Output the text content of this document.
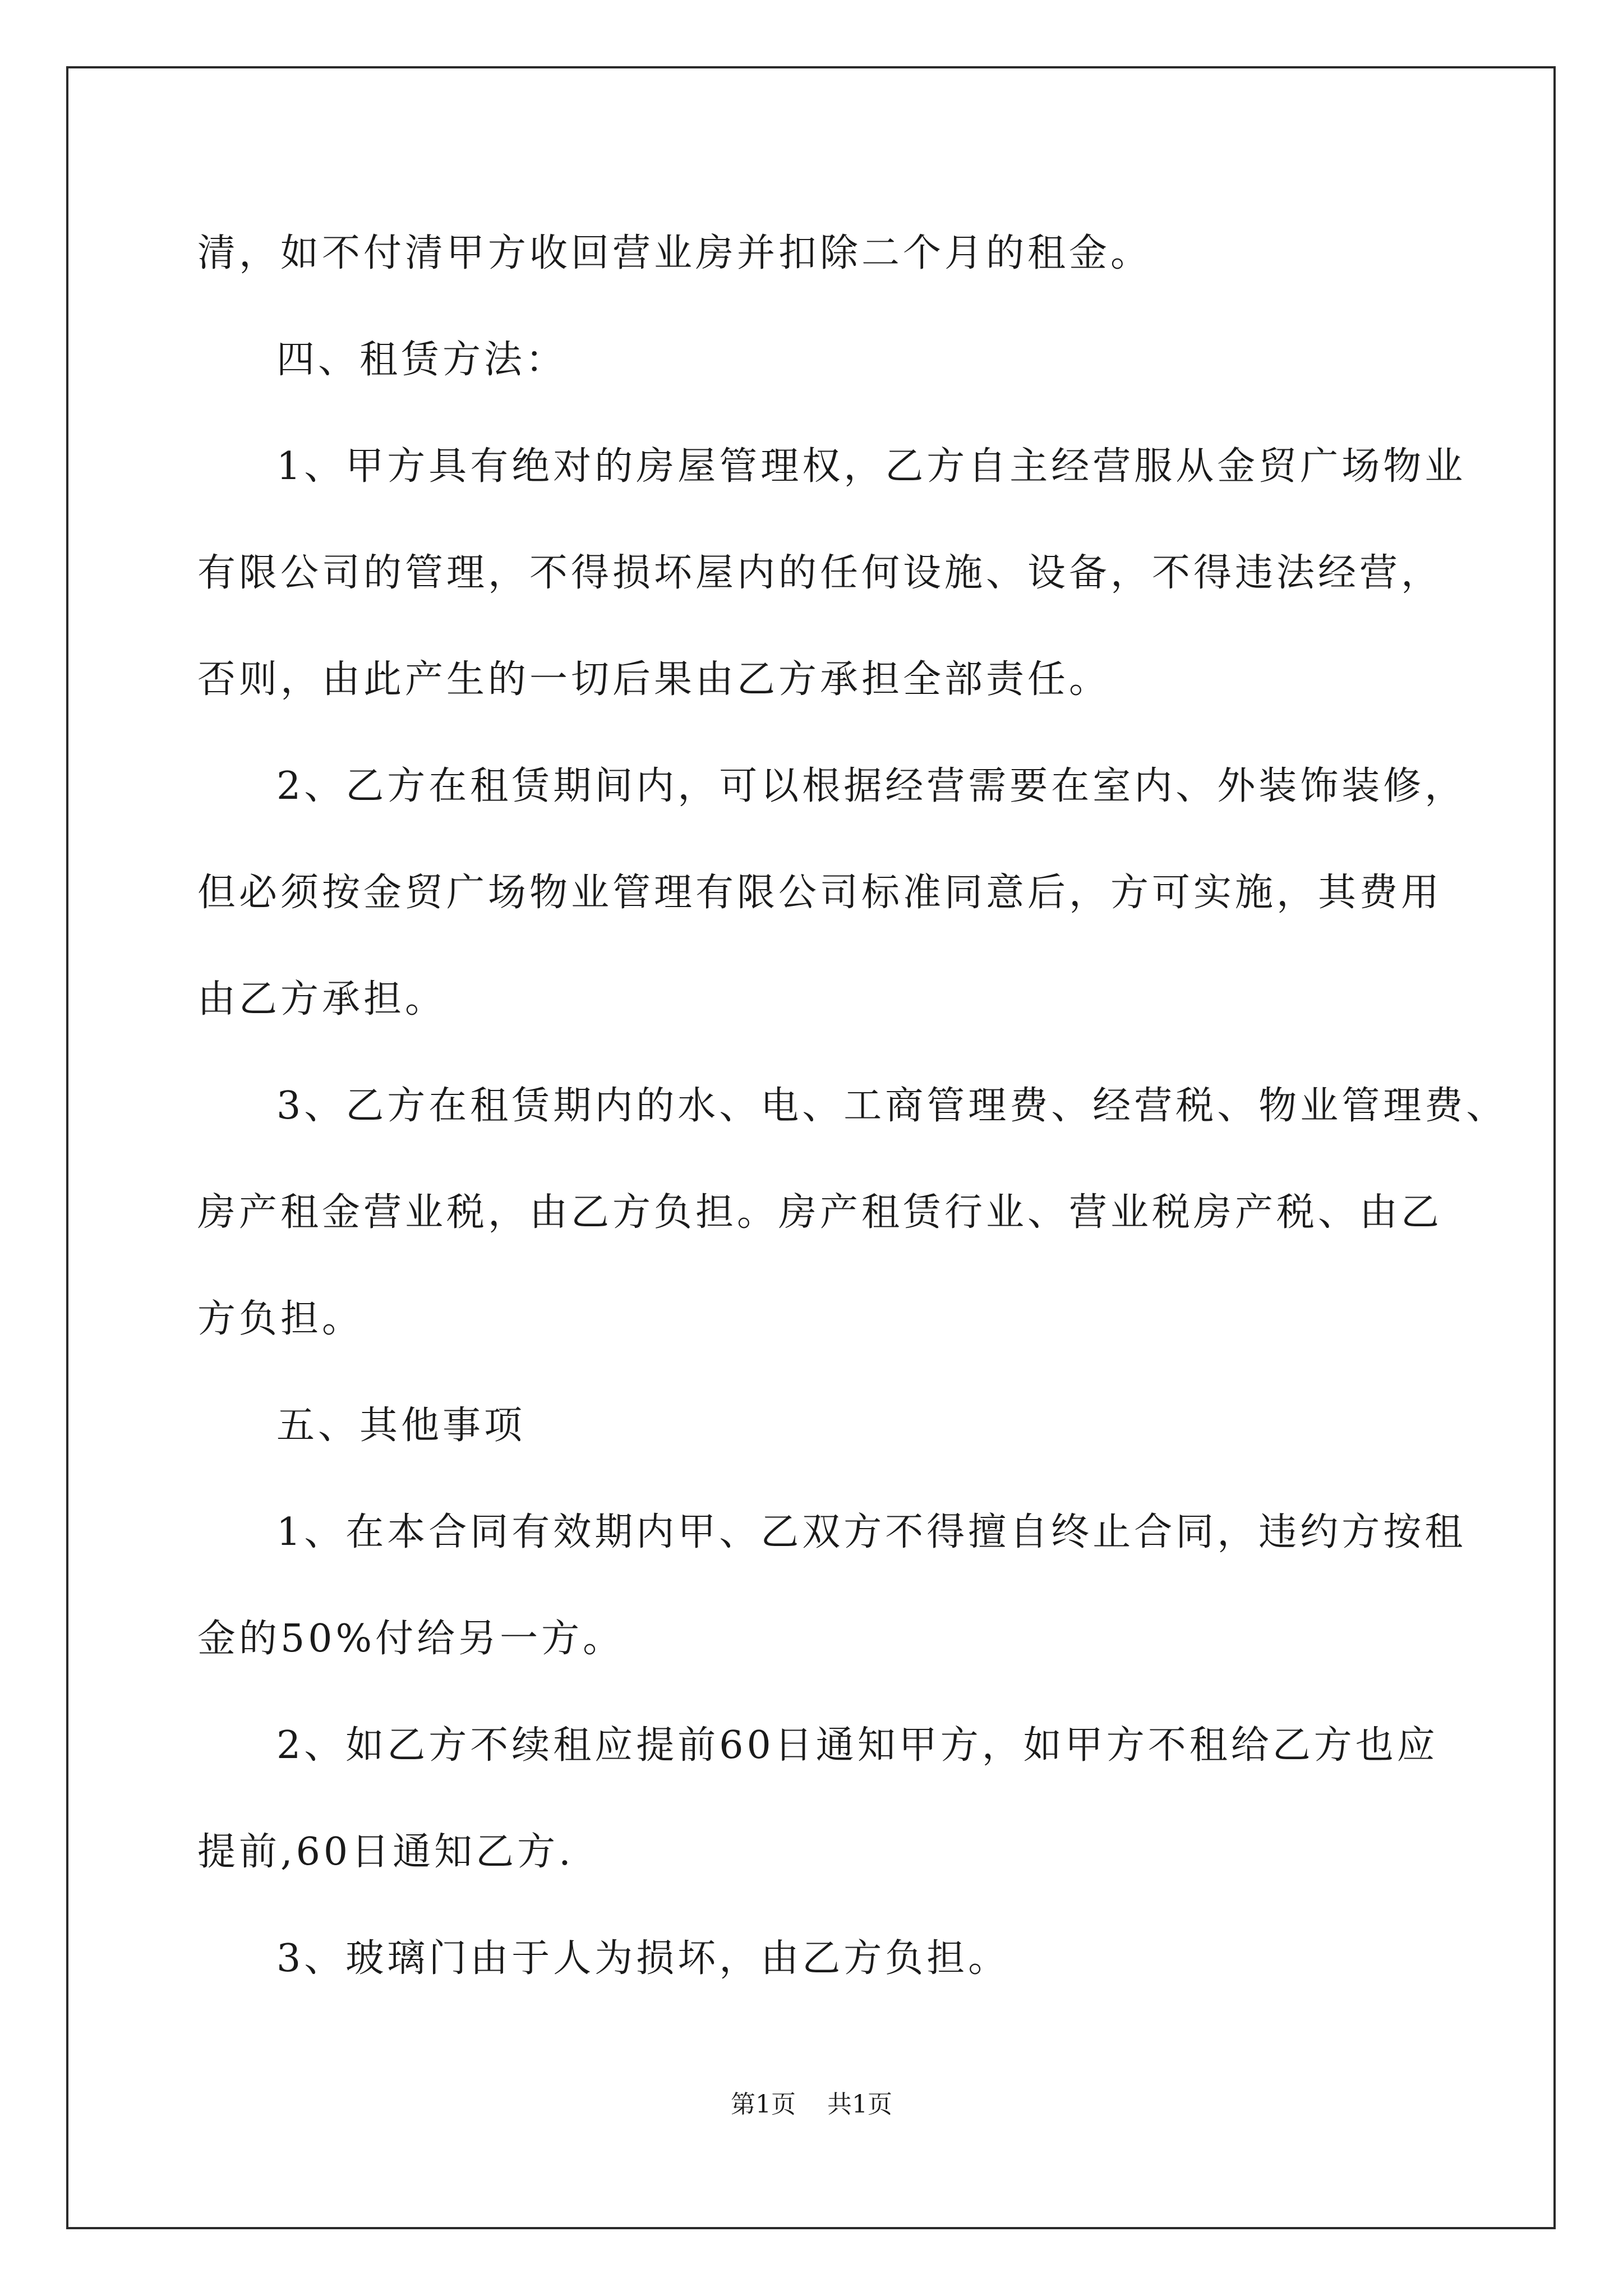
清，如不付清甲方收回营业房并扣除二个月的租金。
四、租赁方法：
1、甲方具有绝对的房屋管理权，乙方自主经营服从金贸广场物业
有限公司的管理，不得损坏屋内的任何设施、设备，不得违法经营，
否则，由此产生的一切后果由乙方承担全部责任。
2、乙方在租赁期间内，可以根据经营需要在室内、外装饰装修，
但必须按金贸广场物业管理有限公司标准同意后，方可实施，其费用
由乙方承担。
3、乙方在租赁期内的水、电、工商管理费、经营税、物业管理费、
房产租金营业税，由乙方负担。房产租赁行业、营业税房产税、由乙
方负担。
五、其他事项
1、在本合同有效期内甲、乙双方不得擅自终止合同，违约方按租
金的50%付给另一方。
2、如乙方不续租应提前60日通知甲方，如甲方不租给乙方也应
提前,60日通知乙方.
3、玻璃门由于人为损坏，由乙方负担。
第1页 共1页
